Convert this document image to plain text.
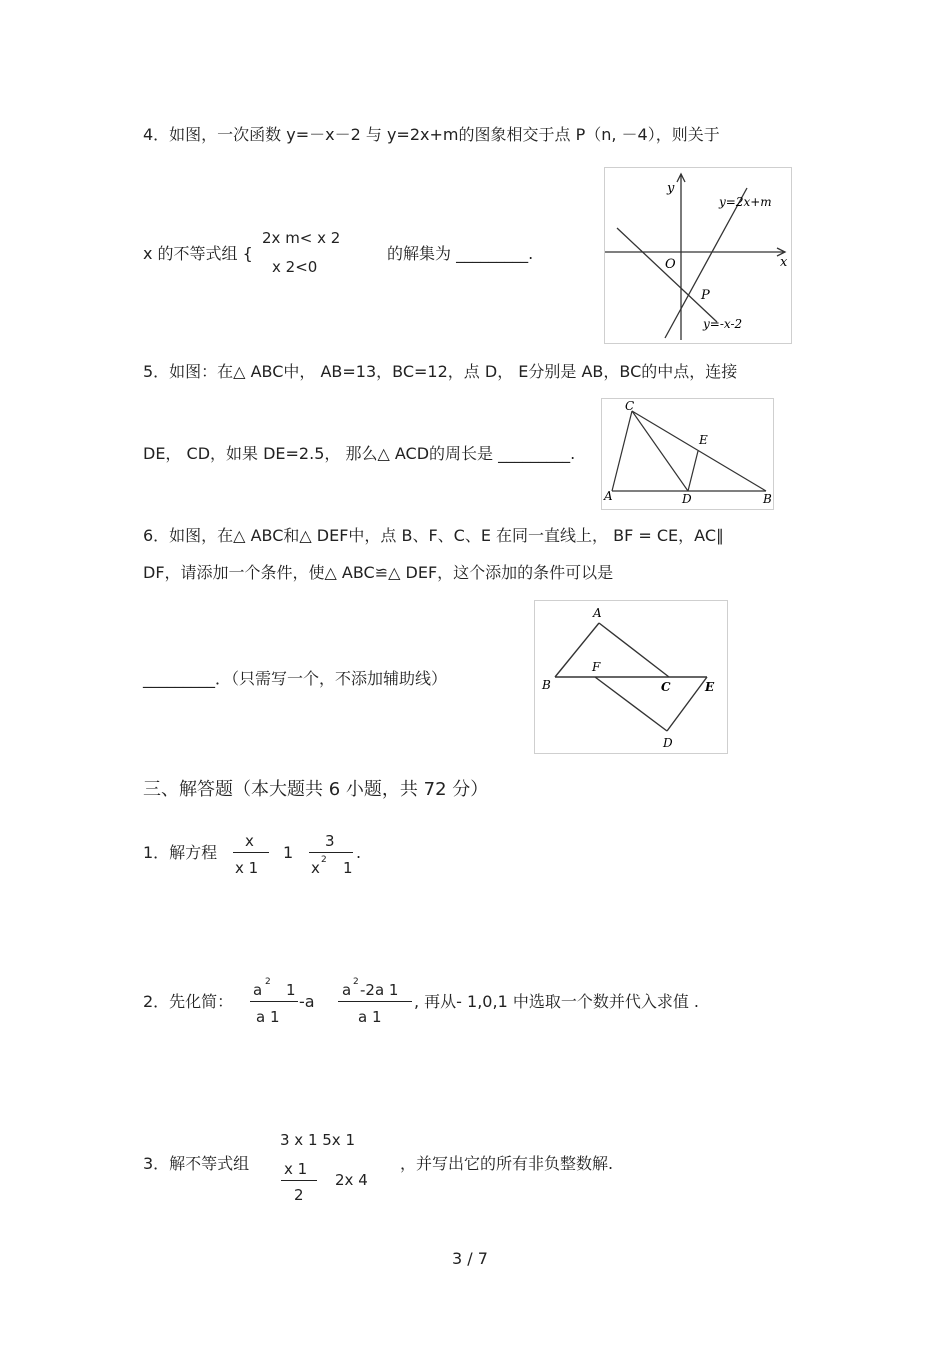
4．如图，一次函数 y=－x－2 与 y=2x+m的图象相交于点 P（n, －4），则关于
x 的不等式组 {
2x m< x 2
x 2<0
的解集为 _________.
y
x
O
P
y=2x+m
y=-x-2
5．如图：在△ ABC中， AB=13，BC=12，点 D， E分别是 AB，BC的中点，连接
DE， CD，如果 DE=2.5， 那么△ ACD的周长是 _________.
C
E
A	D	B
6．如图，在△ ABC和△ DEF中，点 B、F、C、E 在同一直线上， BF = CE，AC∥
DF，请添加一个条件，使△ ABC≌△ DEF，这个添加的条件可以是
_________．（只需写一个，不添加辅助线）
A
F
B	C	E
D
三、解答题（本大题共 6 小题，共 72 分）
1．解方程
x
x 1
1
3
x 2 1
.
2．先化简：
a 2 1
a 1
-a
a 2 -2a 1
a 1
, 再从- 1,0,1 中选取一个数并代入求值 .
3．解不等式组
3 x 1 5x 1
x 1
2
2x 4
，并写出它的所有非负整数解.
3 / 7
